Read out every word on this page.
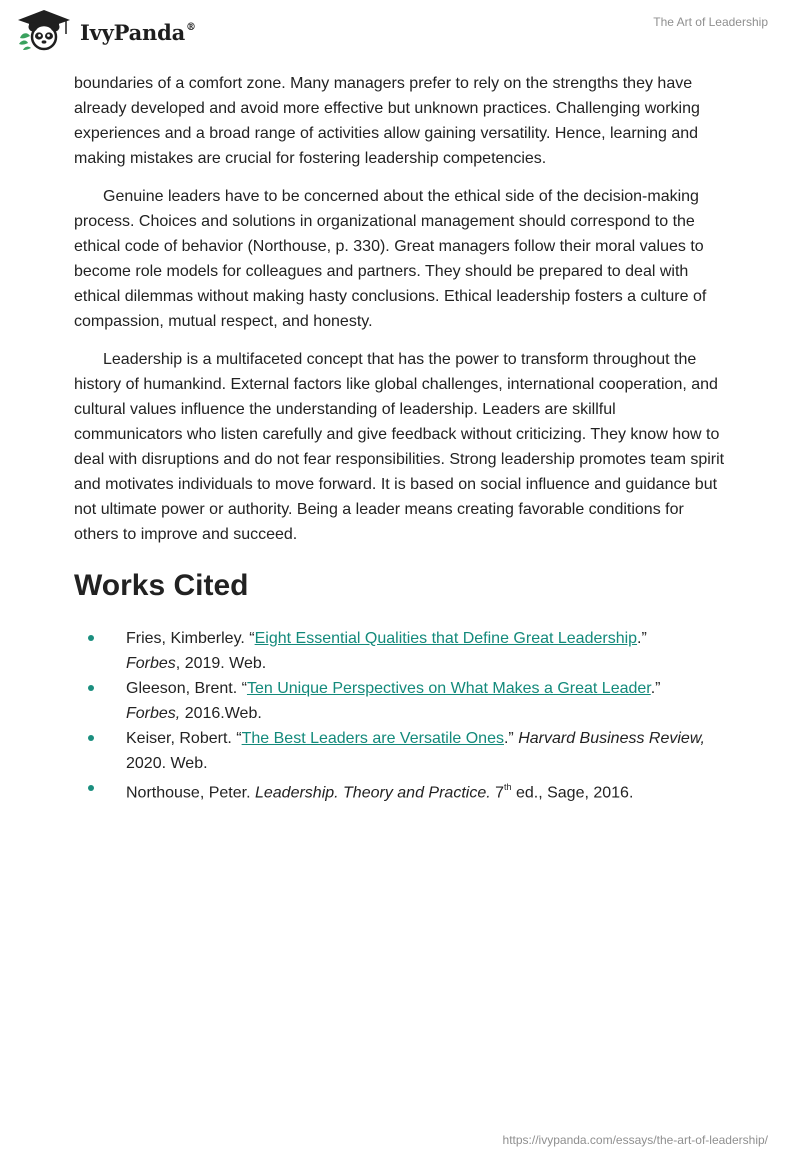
IvyPanda®	The Art of Leadership

boundaries of a comfort zone. Many managers prefer to rely on the strengths they have already developed and avoid more effective but unknown practices. Challenging working experiences and a broad range of activities allow gaining versatility. Hence, learning and making mistakes are crucial for fostering leadership competencies.

Genuine leaders have to be concerned about the ethical side of the decision-making process. Choices and solutions in organizational management should correspond to the ethical code of behavior (Northouse, p. 330). Great managers follow their moral values to become role models for colleagues and partners. They should be prepared to deal with ethical dilemmas without making hasty conclusions. Ethical leadership fosters a culture of compassion, mutual respect, and honesty.

Leadership is a multifaceted concept that has the power to transform throughout the history of humankind. External factors like global challenges, international cooperation, and cultural values influence the understanding of leadership. Leaders are skillful communicators who listen carefully and give feedback without criticizing. They know how to deal with disruptions and do not fear responsibilities. Strong leadership promotes team spirit and motivates individuals to move forward. It is based on social influence and guidance but not ultimate power or authority. Being a leader means creating favorable conditions for others to improve and succeed.

Works Cited
Fries, Kimberley. “Eight Essential Qualities that Define Great Leadership.”
Forbes, 2019. Web.
Gleeson, Brent. “Ten Unique Perspectives on What Makes a Great Leader.”
Forbes, 2016.Web.
Keiser, Robert. “The Best Leaders are Versatile Ones.” Harvard Business Review, 2020. Web.
Northouse, Peter. Leadership. Theory and Practice. 7th ed., Sage, 2016.
https://ivypanda.com/essays/the-art-of-leadership/
